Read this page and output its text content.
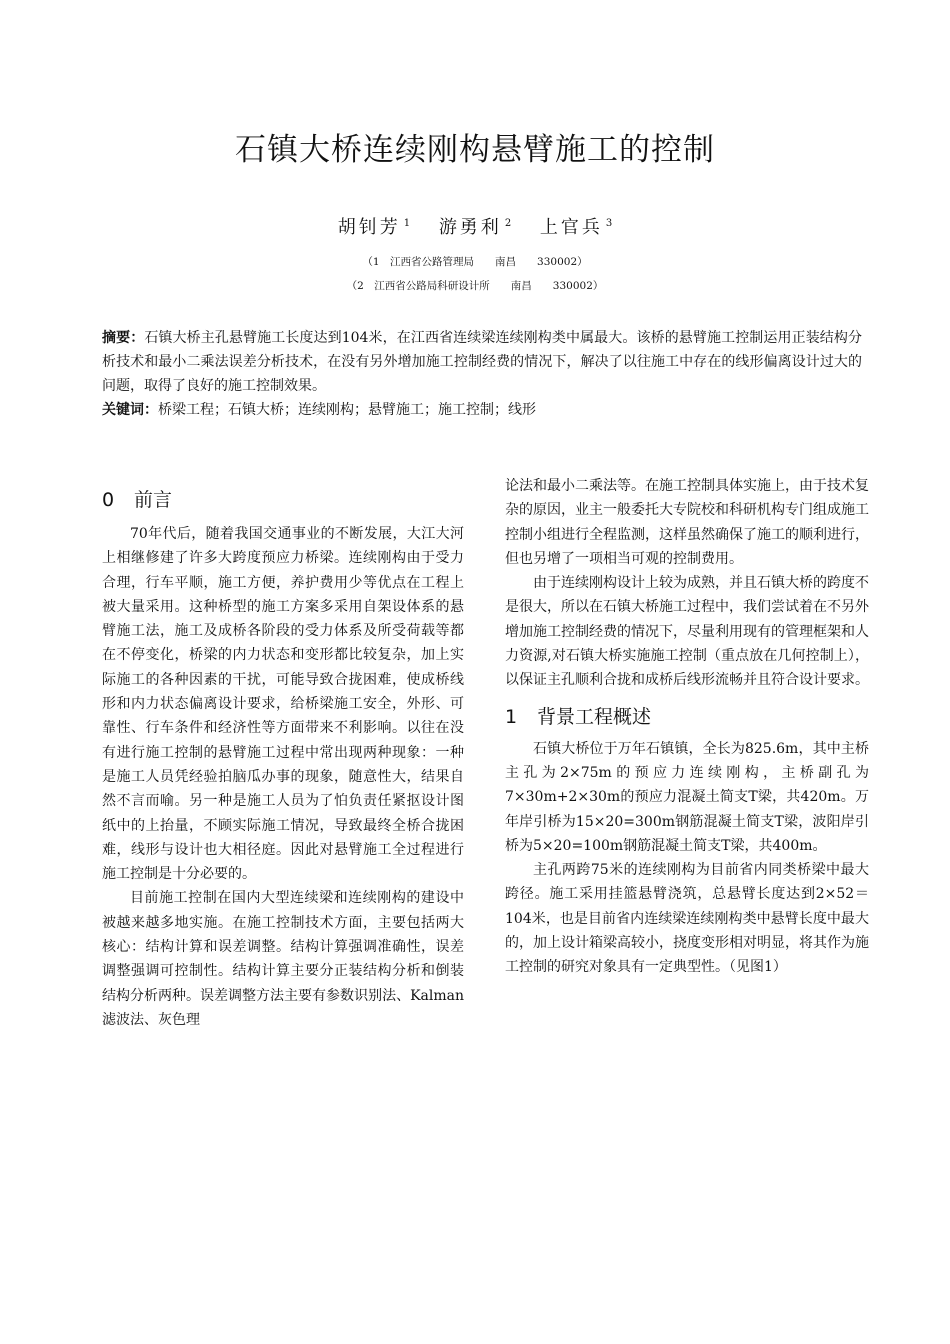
石镇大桥连续刚构悬臂施工的控制
胡钊芳 $^1$ 游勇利 $^2$ 上官兵 $^3$
（1　江西省公路管理局　　南昌　　330002）
（2　江西省公路局科研设计所　　南昌　　330002）

摘要：石镇大桥主孔悬臂施工长度达到104米，在江西省连续梁连续刚构类中属最大。该桥的悬臂施工控制运用正装结构分析技术和最小二乘法误差分析技术，在没有另外增加施工控制经费的情况下，解决了以往施工中存在的线形偏离设计过大的问题，取得了良好的施工控制效果。

关键词：桥梁工程；石镇大桥；连续刚构；悬臂施工；施工控制；线形

0 前言

70年代后，随着我国交通事业的不断发展，大江大河上相继修建了许多大跨度预应力桥梁。连续刚构由于受力合理，行车平顺，施工方便，养护费用少等优点在工程上被大量采用。这种桥型的施工方案多采用自架设体系的悬臂施工法，施工及成桥各阶段的受力体系及所受荷载等都在不停变化，桥梁的内力状态和变形都比较复杂，加上实际施工的各种因素的干扰，可能导致合拢困难，使成桥线形和内力状态偏离设计要求，给桥梁施工安全，外形、可靠性、行车条件和经济性等方面带来不利影响。以往在没有进行施工控制的悬臂施工过程中常出现两种现象：一种是施工人员凭经验拍脑瓜办事的现象，随意性大，结果自然不言而喻。另一种是施工人员为了怕负责任紧抠设计图纸中的上抬量，不顾实际施工情况，导致最终全桥合拢困难，线形与设计也大相径庭。因此对悬臂施工全过程进行施工控制是十分必要的。

目前施工控制在国内大型连续梁和连续刚构的建设中被越来越多地实施。在施工控制技术方面，主要包括两大核心：结构计算和误差调整。结构计算强调准确性，误差调整强调可控制性。结构计算主要分正装结构分析和倒装结构分析两种。误差调整方法主要有参数识别法、Kalman滤波法、灰色理

论法和最小二乘法等。在施工控制具体实施上，由于技术复杂的原因，业主一般委托大专院校和科研机构专门组成施工控制小组进行全程监测，这样虽然确保了施工的顺利进行，但也另增了一项相当可观的控制费用。

由于连续刚构设计上较为成熟，并且石镇大桥的跨度不是很大，所以在石镇大桥施工过程中，我们尝试着在不另外增加施工控制经费的情况下，尽量利用现有的管理框架和人力资源,对石镇大桥实施施工控制（重点放在几何控制上），以保证主孔顺利合拢和成桥后线形流畅并且符合设计要求。

1 背景工程概述

石镇大桥位于万年石镇镇，全长为825.6m，其中主桥主孔为2×75m的预应力连续刚构，主桥副孔为7×30m+2×30m的预应力混凝土简支T梁，共420m。万年岸引桥为15×20=300m钢筋混凝土简支T梁，波阳岸引桥为5×20=100m钢筋混凝土简支T梁，共400m。

主孔两跨75米的连续刚构为目前省内同类桥梁中最大跨径。施工采用挂篮悬臂浇筑，总悬臂长度达到2×52＝104米，也是目前省内连续梁连续刚构类中悬臂长度中最大的，加上设计箱梁高较小，挠度变形相对明显，将其作为施工控制的研究对象具有一定典型性。（见图1）
